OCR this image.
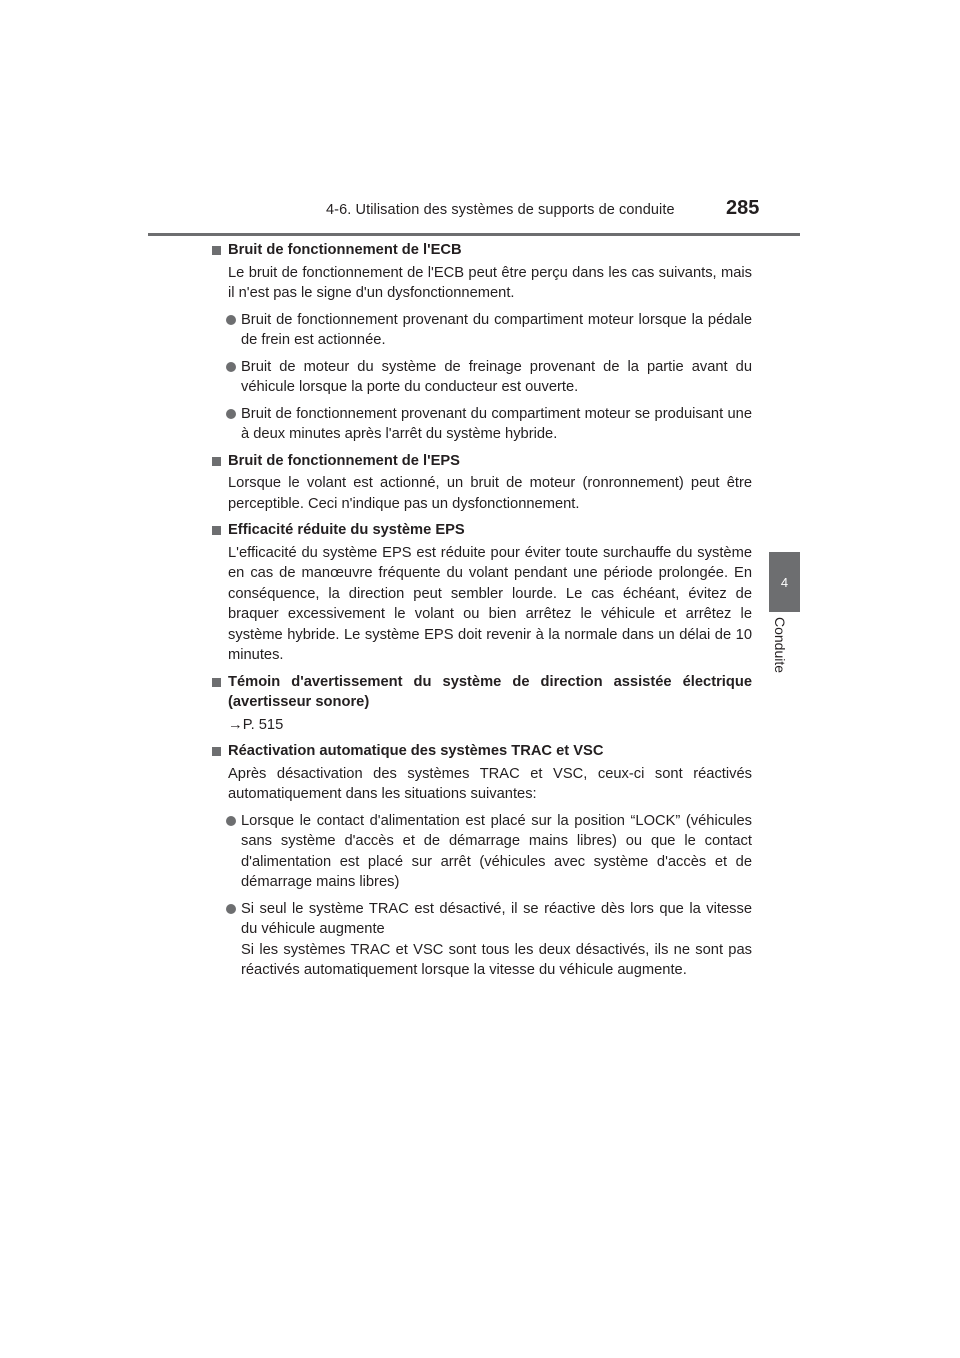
4-6. Utilisation des systèmes de supports de conduite	285
4
Conduite
Bruit de fonctionnement de l'ECB
Le bruit de fonctionnement de l'ECB peut être perçu dans les cas suivants, mais il n'est pas le signe d'un dysfonctionnement.
Bruit de fonctionnement provenant du compartiment moteur lorsque la pédale de frein est actionnée.
Bruit de moteur du système de freinage provenant de la partie avant du véhicule lorsque la porte du conducteur est ouverte.
Bruit de fonctionnement provenant du compartiment moteur se produisant une à deux minutes après l'arrêt du système hybride.
Bruit de fonctionnement de l'EPS
Lorsque le volant est actionné, un bruit de moteur (ronronnement) peut être perceptible. Ceci n'indique pas un dysfonctionnement.
Efficacité réduite du système EPS
L'efficacité du système EPS est réduite pour éviter toute surchauffe du système en cas de manœuvre fréquente du volant pendant une période prolongée. En conséquence, la direction peut sembler lourde. Le cas échéant, évitez de braquer excessivement le volant ou bien arrêtez le véhicule et arrêtez le système hybride. Le système EPS doit revenir à la normale dans un délai de 10 minutes.
Témoin d'avertissement du système de direction assistée électrique (avertisseur sonore)
→P. 515
Réactivation automatique des systèmes TRAC et VSC
Après désactivation des systèmes TRAC et VSC, ceux-ci sont réactivés automatiquement dans les situations suivantes:
Lorsque le contact d'alimentation est placé sur la position “LOCK” (véhicules sans système d'accès et de démarrage mains libres) ou que le contact d'alimentation est placé sur arrêt (véhicules avec système d'accès et de démarrage mains libres)
Si seul le système TRAC est désactivé, il se réactive dès lors que la vitesse du véhicule augmente
Si les systèmes TRAC et VSC sont tous les deux désactivés, ils ne sont pas réactivés automatiquement lorsque la vitesse du véhicule augmente.
